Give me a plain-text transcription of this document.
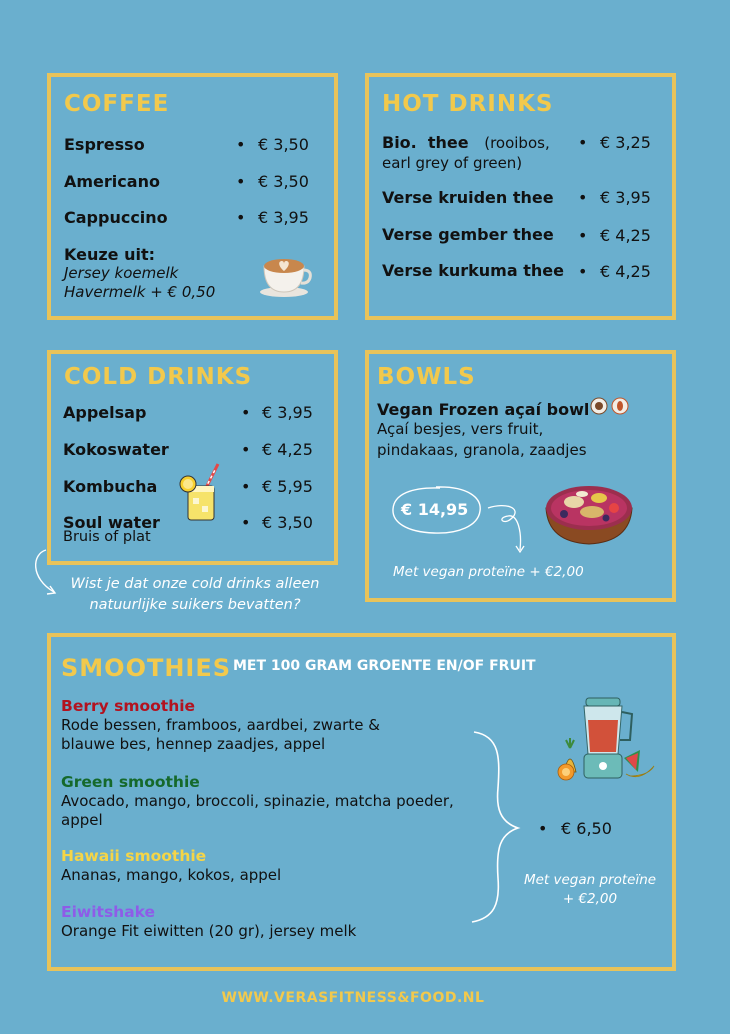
COFFEE
Espresso	• € 3,50
Americano	• € 3,50
Cappuccino	• € 3,95
Keuze uit:
Jersey koemelk
Havermelk + € 0,50
HOT DRINKS
Bio.  thee (rooibos,
earl grey of green)
• € 3,25
Verse kruiden thee • € 3,95
Verse gember thee • € 4,25
Verse kurkuma thee • € 4,25
COLD DRINKS
Appelsap	• € 3,95
Kokoswater	• € 4,25
Kombucha	• € 5,95
Soul water
Bruis of plat
• € 3,50
Wist je dat onze cold drinks alleen
natuurlijke suikers bevatten?
BOWLS
Vegan Frozen açaí bowl
Açaí besjes, vers fruit,
pindakaas, granola, zaadjes
€ 14,95
Met vegan proteïne + €2,00
SMOOTHIES MET 100 GRAM GROENTE EN/OF FRUIT
Berry smoothie
Rode bessen, framboos, aardbei, zwarte &
blauwe bes, hennep zaadjes, appel
Green smoothie
Avocado, mango, broccoli, spinazie, matcha poeder,
appel
Hawaii smoothie
Ananas, mango, kokos, appel
Eiwitshake
Orange Fit eiwitten (20 gr), jersey melk
• € 6,50
Met vegan proteïne
+ €2,00
WWW.VERASFITNESS&FOOD.NL
